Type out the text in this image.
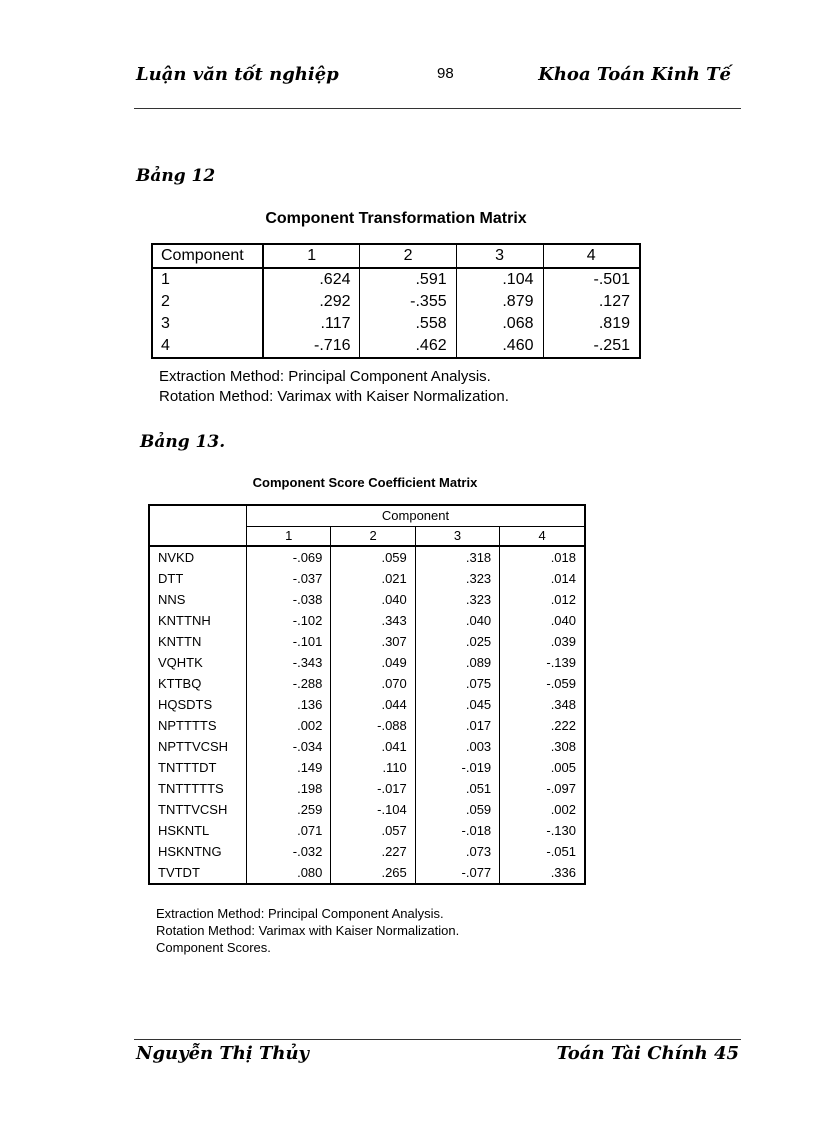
Luận văn tốt nghiệp	98	Khoa Toán Kinh Tế
Bảng 12
Component Transformation Matrix
Component	1	2	3	4
1	.624	.591	.104	-.501
2	.292	-.355	.879	.127
3	.117	.558	.068	.819
4	-.716	.462	.460	-.251
Extraction Method: Principal Component Analysis.
Rotation Method: Varimax with Kaiser Normalization.
Bảng 13.
Component Score Coefficient Matrix
	Component			
	1	2	3	4
NVKD	-.069	.059	.318	.018
DTT	-.037	.021	.323	.014
NNS	-.038	.040	.323	.012
KNTTNH	-.102	.343	.040	.040
KNTTN	-.101	.307	.025	.039
VQHTK	-.343	.049	.089	-.139
KTTBQ	-.288	.070	.075	-.059
HQSDTS	.136	.044	.045	.348
NPTTTTS	.002	-.088	.017	.222
NPTTVCSH	-.034	.041	.003	.308
TNTTTDT	.149	.110	-.019	.005
TNTTTTTS	.198	-.017	.051	-.097
TNTTVCSH	.259	-.104	.059	.002
HSKNTL	.071	.057	-.018	-.130
HSKNTNG	-.032	.227	.073	-.051
TVTDT	.080	.265	-.077	.336
Extraction Method: Principal Component Analysis.
Rotation Method: Varimax with Kaiser Normalization.
Component Scores.
Nguyễn Thị Thủy	Toán Tài Chính 45
